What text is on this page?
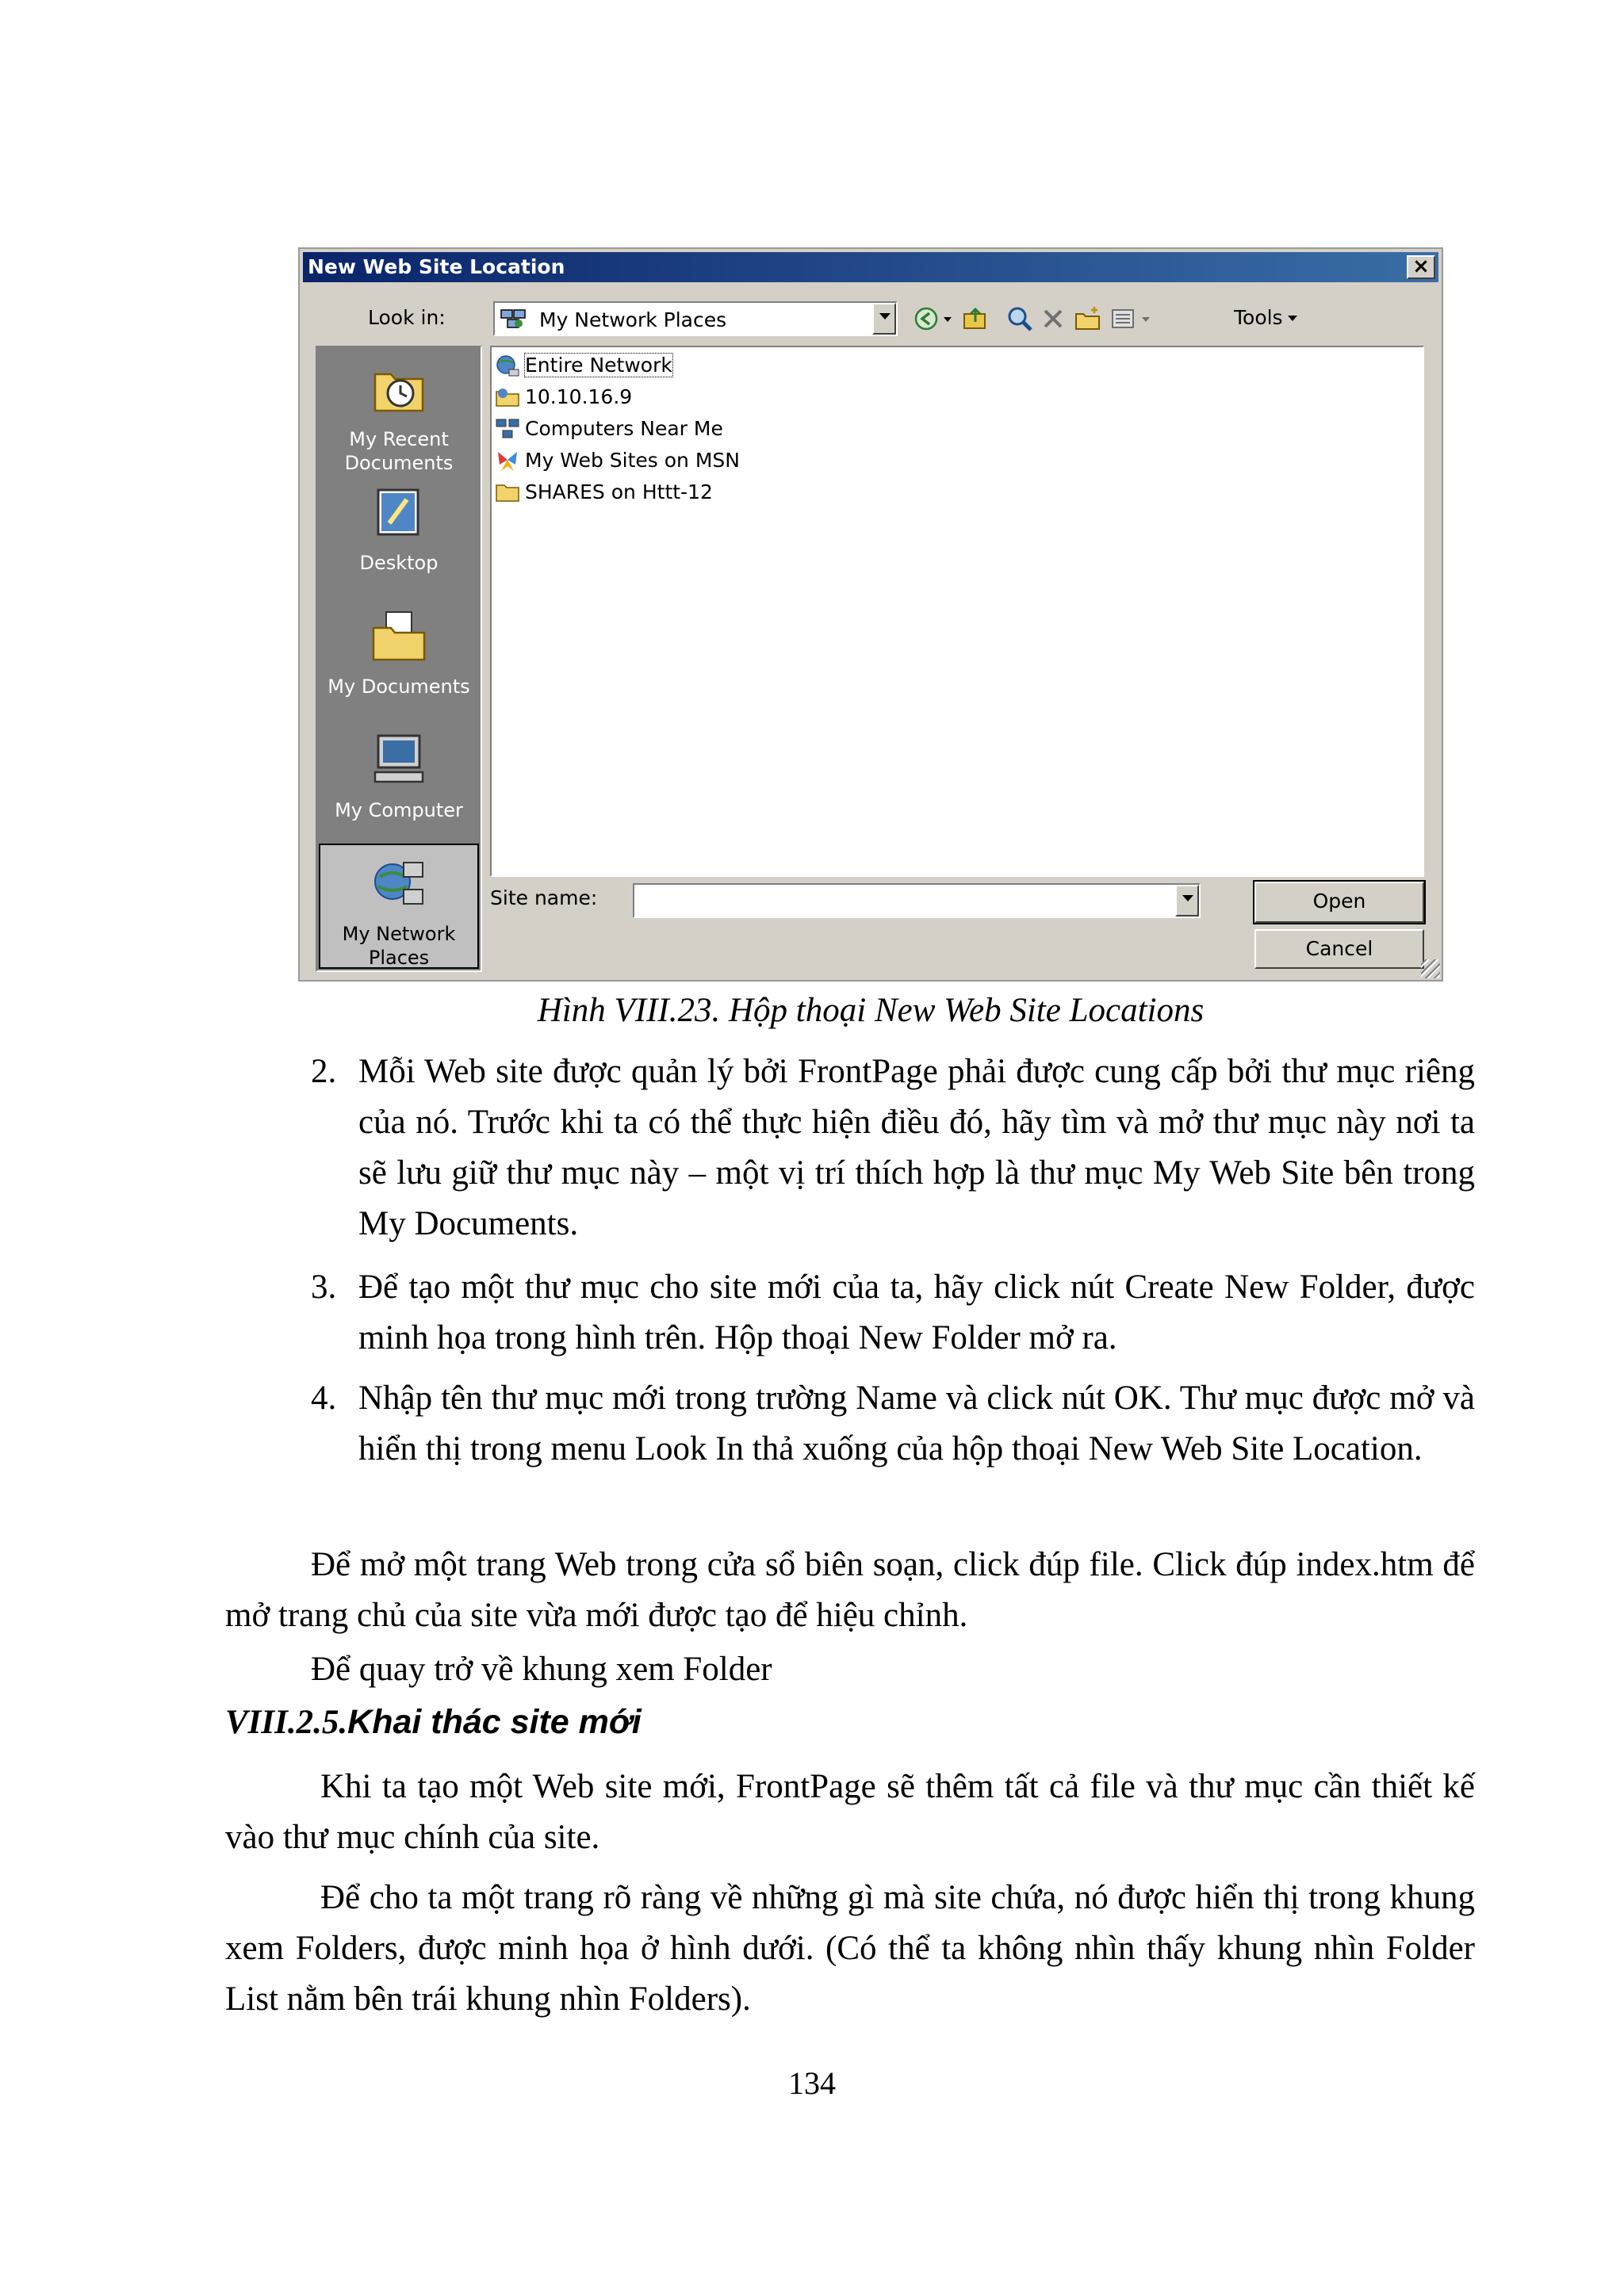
New Web Site Location	×
Look in:	My Network Places	Tools
My Recent Documents
Desktop
My Documents
My Computer
My Network Places
Entire Network
10.10.16.9
Computers Near Me
My Web Sites on MSN
SHARES on Httt-12
Site name:	Open
Cancel
Hình VIII.23. Hộp thoại New Web Site Locations
2. Mỗi Web site được quản lý bởi FrontPage phải được cung cấp bởi thư mục riêng của nó. Trước khi ta có thể thực hiện điều đó, hãy tìm và mở thư mục này nơi ta sẽ lưu giữ thư mục này – một vị trí thích hợp là thư mục My Web Site bên trong My Documents.
3. Để tạo một thư mục cho site mới của ta, hãy click nút Create New Folder, được minh họa trong hình trên. Hộp thoại New Folder mở ra.
4. Nhập tên thư mục mới trong trường Name và click nút OK. Thư mục được mở và hiển thị trong menu Look In thả xuống của hộp thoại New Web Site Location.
Để mở một trang Web trong cửa sổ biên soạn, click đúp file. Click đúp index.htm để mở trang chủ của site vừa mới được tạo để hiệu chỉnh.
Để quay trở về khung xem Folder
VIII.2.5.Khai thác site mới
Khi ta tạo một Web site mới, FrontPage sẽ thêm tất cả file và thư mục cần thiết kế vào thư mục chính của site.
Để cho ta một trang rõ ràng về những gì mà site chứa, nó được hiển thị trong khung xem Folders, được minh họa ở hình dưới. (Có thể ta không nhìn thấy khung nhìn Folder List nằm bên trái khung nhìn Folders).
134
